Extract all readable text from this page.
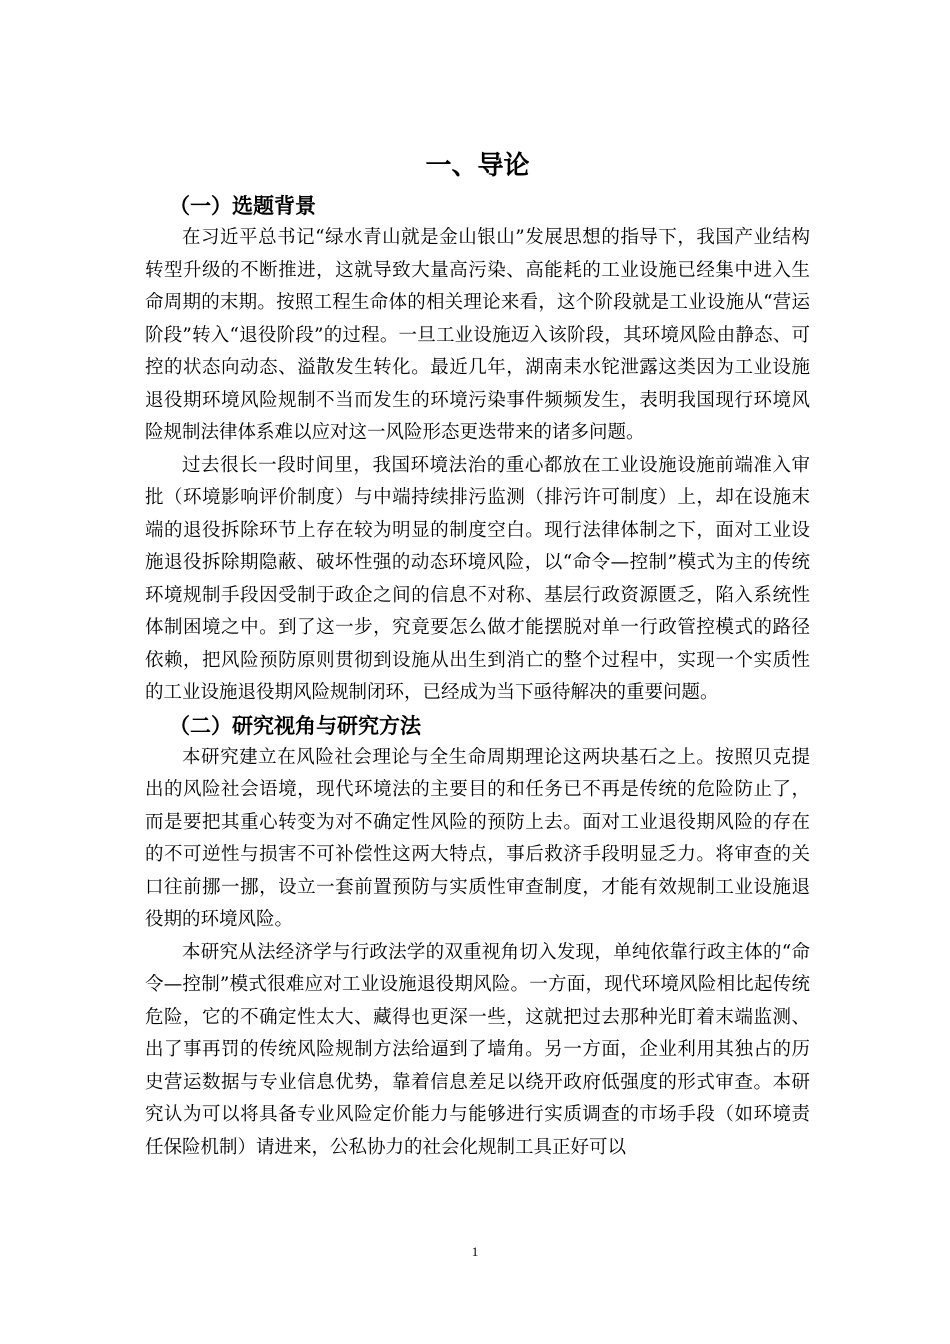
一、导论
（一）选题背景

在习近平总书记“绿水青山就是金山银山”发展思想的指导下，我国产业结构转型升级的不断推进，这就导致大量高污染、高能耗的工业设施已经集中进入生命周期的末期。按照工程生命体的相关理论来看，这个阶段就是工业设施从“营运阶段”转入“退役阶段”的过程。一旦工业设施迈入该阶段，其环境风险由静态、可控的状态向动态、溢散发生转化。最近几年，湖南耒水铊泄露这类因为工业设施退役期环境风险规制不当而发生的环境污染事件频频发生，表明我国现行环境风险规制法律体系难以应对这一风险形态更迭带来的诸多问题。

过去很长一段时间里，我国环境法治的重心都放在工业设施设施前端准入审批（环境影响评价制度）与中端持续排污监测（排污许可制度）上，却在设施末端的退役拆除环节上存在较为明显的制度空白。现行法律体制之下，面对工业设施退役拆除期隐蔽、破坏性强的动态环境风险，以“命令—控制”模式为主的传统环境规制手段因受制于政企之间的信息不对称、基层行政资源匮乏，陷入系统性体制困境之中。到了这一步，究竟要怎么做才能摆脱对单一行政管控模式的路径依赖，把风险预防原则贯彻到设施从出生到消亡的整个过程中，实现一个实质性的工业设施退役期风险规制闭环，已经成为当下亟待解决的重要问题。

（二）研究视角与研究方法

本研究建立在风险社会理论与全生命周期理论这两块基石之上。按照贝克提出的风险社会语境，现代环境法的主要目的和任务已不再是传统的危险防止了，而是要把其重心转变为对不确定性风险的预防上去。面对工业退役期风险的存在的不可逆性与损害不可补偿性这两大特点，事后救济手段明显乏力。将审查的关口往前挪一挪，设立一套前置预防与实质性审查制度，才能有效规制工业设施退役期的环境风险。

本研究从法经济学与行政法学的双重视角切入发现，单纯依靠行政主体的“命令—控制”模式很难应对工业设施退役期风险。一方面，现代环境风险相比起传统危险，它的不确定性太大、藏得也更深一些，这就把过去那种光盯着末端监测、出了事再罚的传统风险规制方法给逼到了墙角。另一方面，企业利用其独占的历史营运数据与专业信息优势，靠着信息差足以绕开政府低强度的形式审查。本研究认为可以将具备专业风险定价能力与能够进行实质调查的市场手段（如环境责任保险机制）请进来，公私协力的社会化规制工具正好可以

1
